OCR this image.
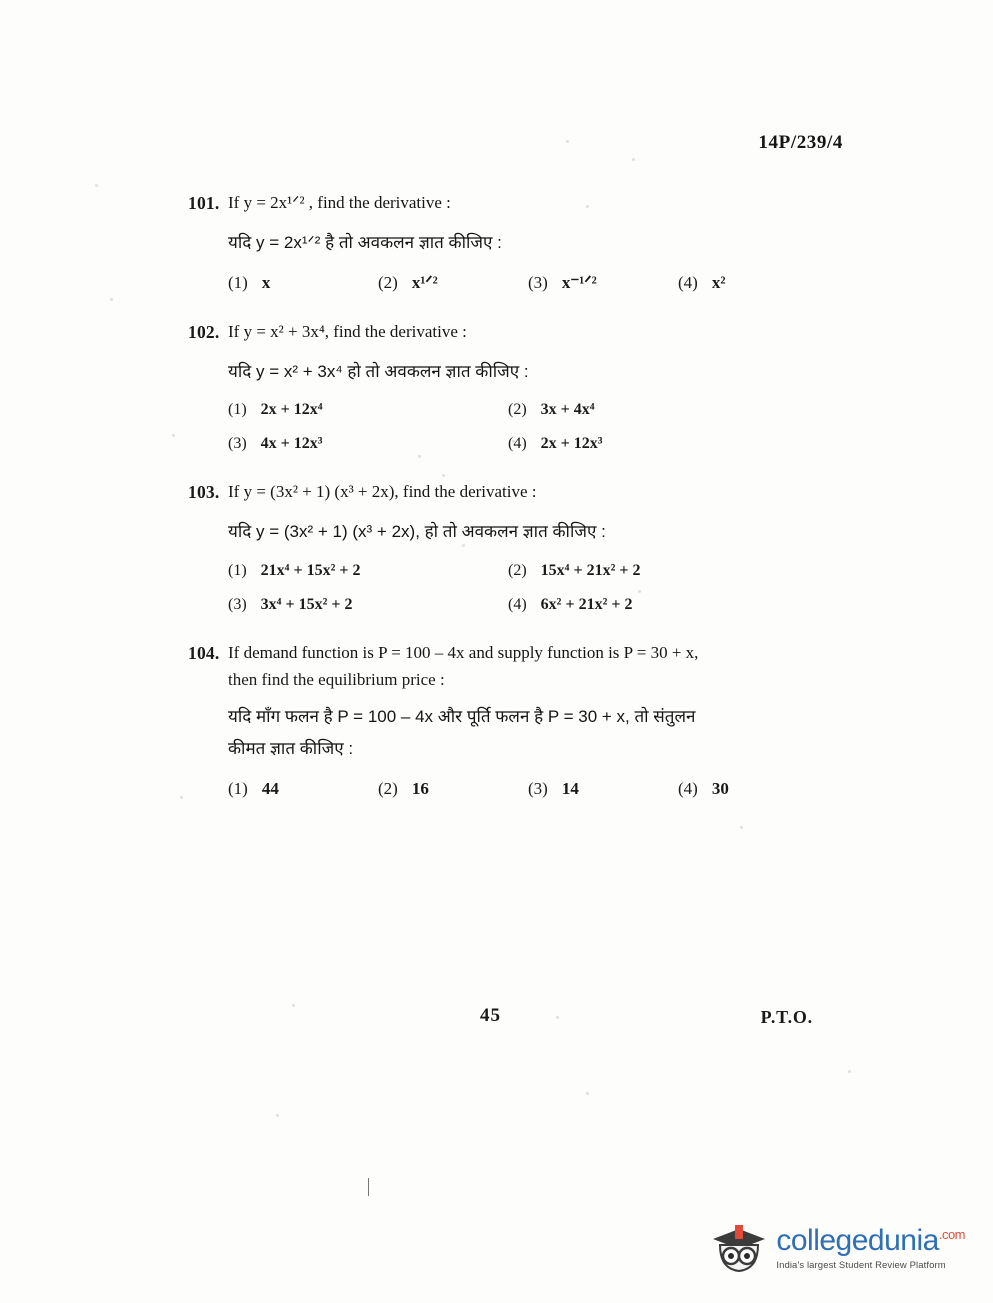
14P/239/4
101. If y = 2x¹ᐟ² , find the derivative :
यदि y = 2x¹ᐟ² है तो अवकलन ज्ञात कीजिए :
(1) x	(2) x¹ᐟ²	(3) x⁻¹ᐟ²	(4) x²
102. If y = x² + 3x⁴, find the derivative :
यदि y = x² + 3x⁴ हो तो अवकलन ज्ञात कीजिए :
(1) 2x + 12x⁴	(2) 3x + 4x⁴
(3) 4x + 12x³	(4) 2x + 12x³
103. If y = (3x² + 1) (x³ + 2x), find the derivative :
यदि y = (3x² + 1) (x³ + 2x), हो तो अवकलन ज्ञात कीजिए :
(1) 21x⁴ + 15x² + 2	(2) 15x⁴ + 21x² + 2
(3) 3x⁴ + 15x² + 2	(4) 6x² + 21x² + 2
104. If demand function is P = 100 – 4x and supply function is P = 30 + x,
then find the equilibrium price :
यदि माँग फलन है P = 100 – 4x और पूर्ति फलन है P = 30 + x, तो संतुलन
कीमत ज्ञात कीजिए :
(1) 44	(2) 16	(3) 14	(4) 30
45	P.T.O.
collegedunia$^{.com}$
India's largest Student Review Platform
